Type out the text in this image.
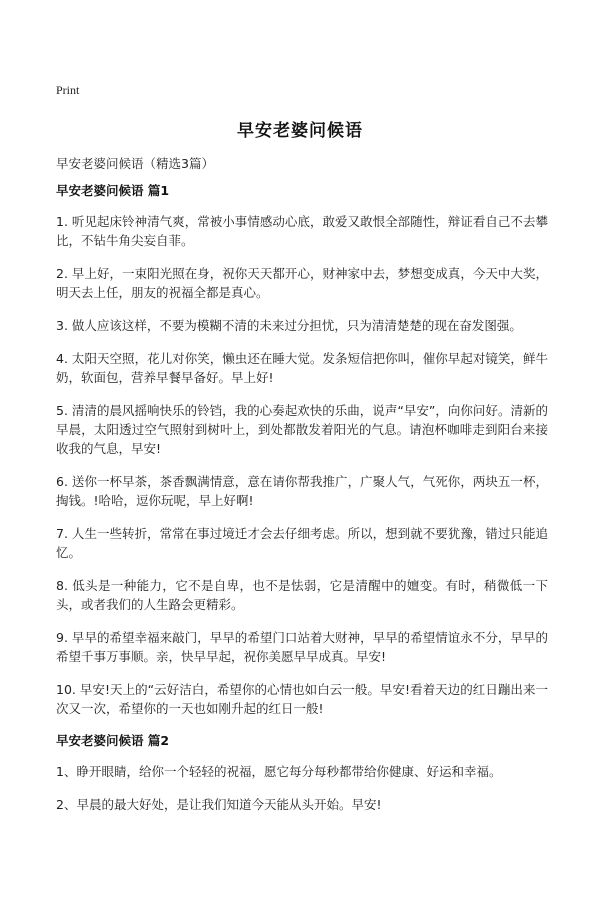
Print
早安老婆问候语
早安老婆问候语（精选3篇）
早安老婆问候语 篇1

1. 听见起床铃神清气爽，常被小事情感动心底，敢爱又敢恨全部随性，辩证看自己不去攀比，不钻牛角尖妄自菲。

2. 早上好，一束阳光照在身，祝你天天都开心，财神家中去，梦想变成真，今天中大奖，明天去上任，朋友的祝福全都是真心。

3. 做人应该这样，不要为模糊不清的未来过分担忧，只为清清楚楚的现在奋发图强。

4. 太阳天空照，花儿对你笑，懒虫还在睡大觉。发条短信把你叫，催你早起对镜笑，鲜牛奶，软面包，营养早餐早备好。早上好!

5. 清清的晨风摇响快乐的铃铛，我的心奏起欢快的乐曲，说声“早安”，向你问好。清新的早晨，太阳透过空气照射到树叶上，到处都散发着阳光的气息。请泡杯咖啡走到阳台来接收我的气息，早安!

6. 送你一杯早茶，茶香飘满情意，意在请你帮我推广，广聚人气，气死你，两块五一杯，掏钱。!哈哈，逗你玩呢，早上好啊!

7. 人生一些转折，常常在事过境迁才会去仔细考虑。所以，想到就不要犹豫，错过只能追忆。

8. 低头是一种能力，它不是自卑，也不是怯弱，它是清醒中的嬗变。有时，稍微低一下头，或者我们的人生路会更精彩。

9. 早早的希望幸福来敲门，早早的希望门口站着大财神，早早的希望情谊永不分，早早的希望千事万事顺。亲，快早早起，祝你美愿早早成真。早安!

10. 早安!天上的“云好洁白，希望你的心情也如白云一般。早安!看着天边的红日蹦出来一次又一次，希望你的一天也如刚升起的红日一般!

早安老婆问候语 篇2

1、睁开眼睛，给你一个轻轻的祝福，愿它每分每秒都带给你健康、好运和幸福。

2、早晨的最大好处，是让我们知道今天能从头开始。早安!
